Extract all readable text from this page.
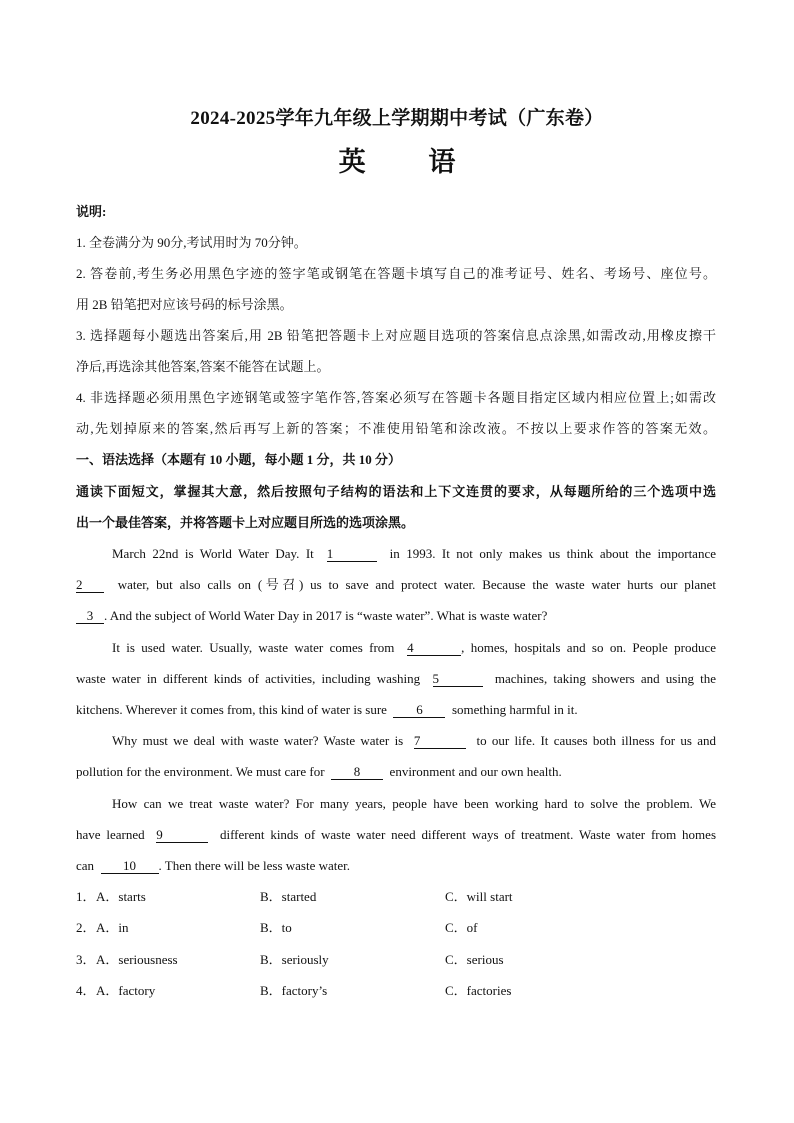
2024-2025学年九年级上学期期中考试（广东卷）
英 语
说明:
1. 全卷满分为 90分,考试用时为 70分钟。
2. 答卷前,考生务必用黑色字迹的签字笔或钢笔在答题卡填写自己的准考证号、姓名、考场号、座位号。
用 2B 铅笔把对应该号码的标号涂黑。
3. 选择题每小题选出答案后,用 2B 铅笔把答题卡上对应题目选项的答案信息点涂黑,如需改动,用橡皮擦干
净后,再选涂其他答案,答案不能答在试题上。
4. 非选择题必须用黑色字迹钢笔或签字笔作答,答案必须写在答题卡各题目指定区域内相应位置上;如需改
动,先划掉原来的答案,然后再写上新的答案；不准使用铅笔和涂改液。不按以上要求作答的答案无效。
一、语法选择（本题有 10 小题，每小题 1 分，共 10 分）
通读下面短文，掌握其大意，然后按照句子结构的语法和上下文连贯的要求，从每题所给的三个选项中选
出一个最佳答案，并将答题卡上对应题目所选的选项涂黑。
March 22nd is World Water Day. It 1	in 1993. It not only makes us think about the importance
2	water, but also calls on (号召) us to save and protect water. Because the waste water hurts our planet
3 . And the subject of World Water Day in 2017 is “waste water”. What is waste water?
It is used water. Usually, waste water comes from 4	, homes, hospitals and so on. People produce
waste water in different kinds of activities, including washing 5	machines, taking showers and using the
kitchens. Wherever it comes from, this kind of water is sure 6 something harmful in it.
Why must we deal with waste water? Waste water is 7	to our life. It causes both illness for us and
pollution for the environment. We must care for 8 environment and our own health.
How can we treat waste water? For many years, people have been working hard to solve the problem. We
have learned 9	different kinds of waste water need different ways of treatment. Waste water from homes
can 10 . Then there will be less waste water.
1． A．starts	B．started	C．will start
2． A．in	B．to	C．of
3． A．seriousness	B．seriously	C．serious
4． A．factory	B．factory’s	C．factories
